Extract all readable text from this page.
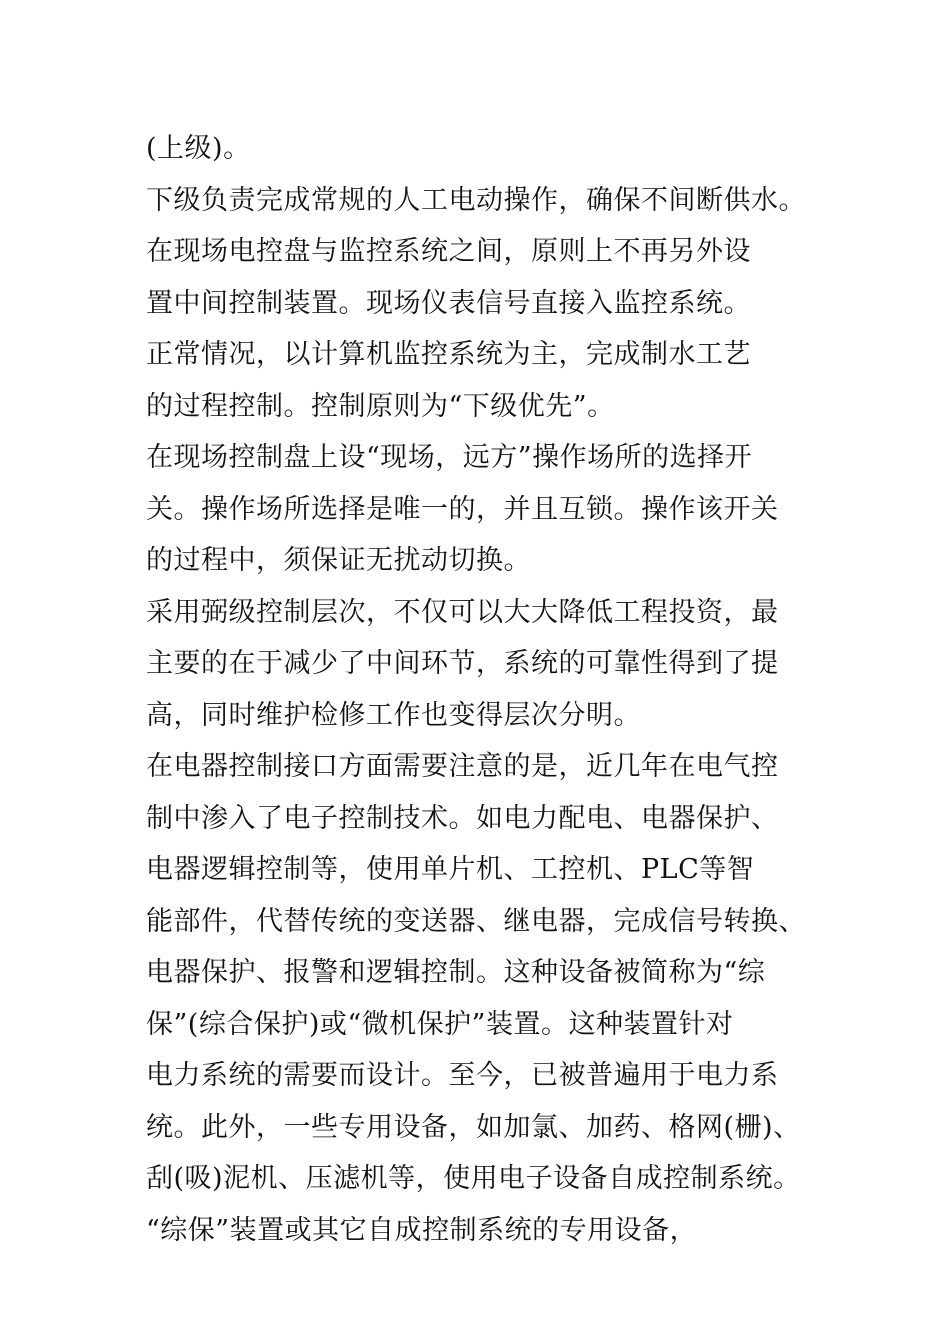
(上级)。

下级负责完成常规的人工电动操作，确保不间断供水。

在现场电控盘与监控系统之间，原则上不再另外设

置中间控制装置。现场仪表信号直接入监控系统。

正常情况，以计算机监控系统为主，完成制水工艺

的过程控制。控制原则为“下级优先”。

在现场控制盘上设“现场，远方”操作场所的选择开

关。操作场所选择是唯一的，并且互锁。操作该开关

的过程中，须保证无扰动切换。

采用弼级控制层次，不仅可以大大降低工程投资，最

主要的在于减少了中间环节，系统的可靠性得到了提

高，同时维护检修工作也变得层次分明。

在电器控制接口方面需要注意的是，近几年在电气控

制中渗入了电子控制技术。如电力配电、电器保护、

电器逻辑控制等，使用单片机、工控机、PLC等智

能部件，代替传统的变送器、继电器，完成信号转换、

电器保护、报警和逻辑控制。这种设备被简称为“综

保”(综合保护)或“微机保护”装置。这种装置针对

电力系统的需要而设计。至今，已被普遍用于电力系

统。此外，一些专用设备，如加氯、加药、格网(栅)、

刮(吸)泥机、压滤机等，使用电子设备自成控制系统。

“综保”装置或其它自成控制系统的专用设备，
